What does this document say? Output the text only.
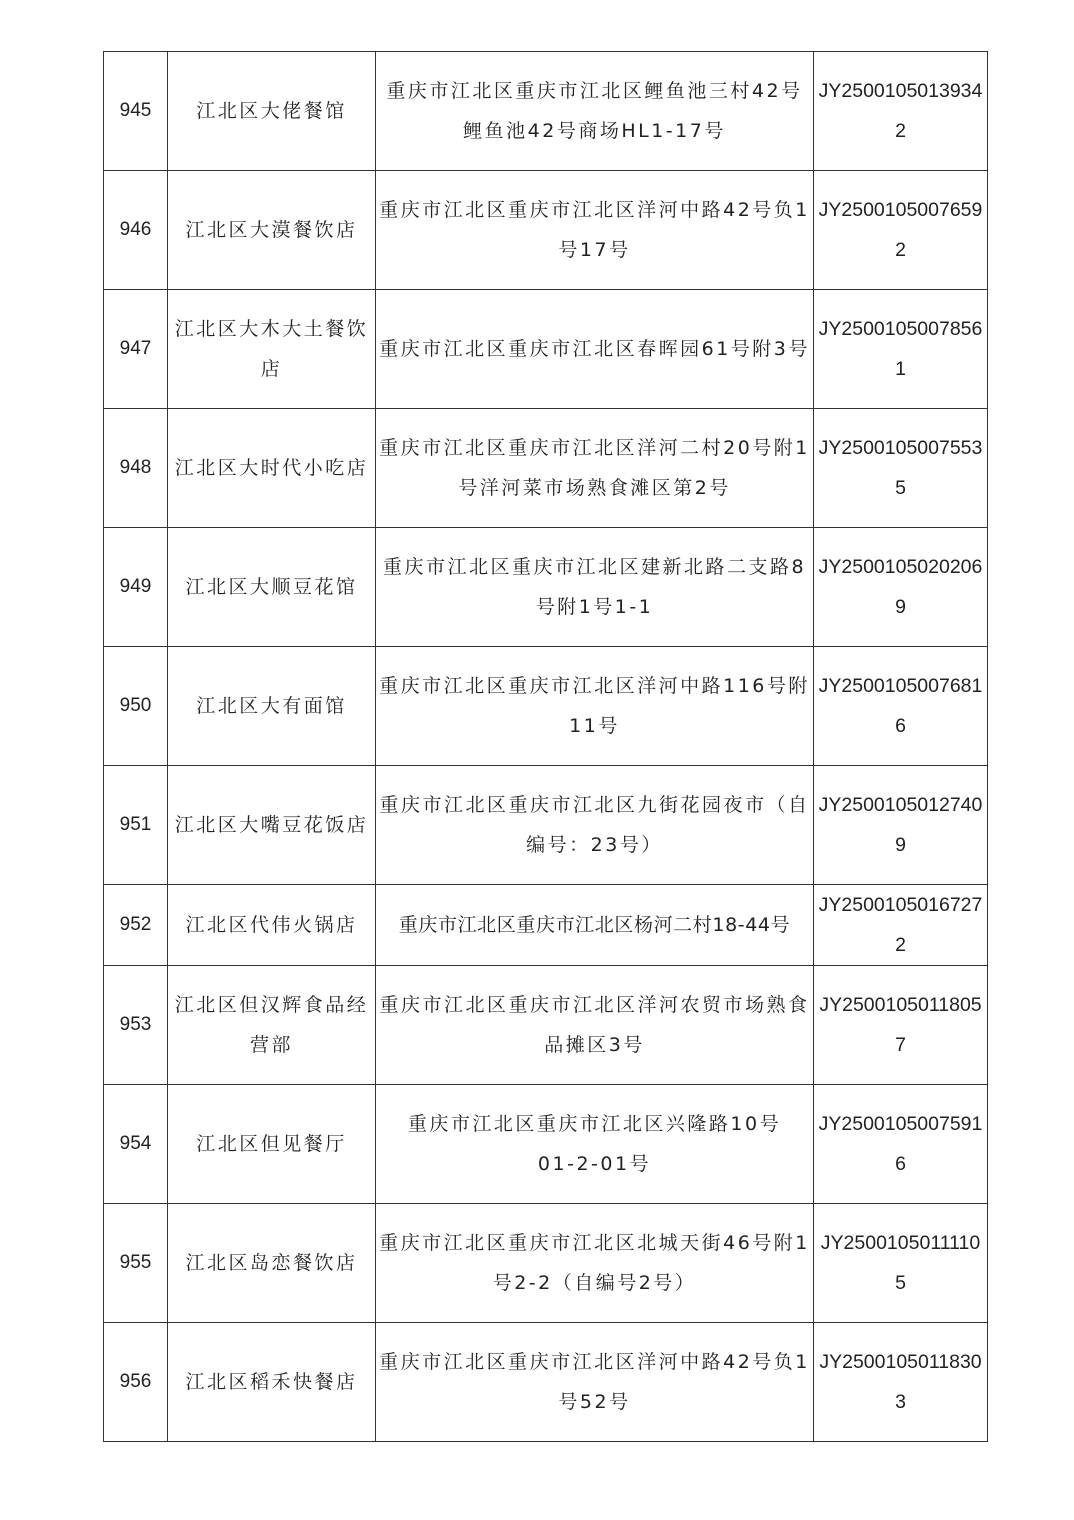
945	江北区大佬餐馆	重庆市江北区重庆市江北区鲤鱼池三村42号鲤鱼池42号商场HL1-17号	JY25001050139342
946	江北区大漠餐饮店	重庆市江北区重庆市江北区洋河中路42号负1号17号	JY25001050076592
947	江北区大木大土餐饮店	重庆市江北区重庆市江北区春晖园61号附3号	JY25001050078561
948	江北区大时代小吃店	重庆市江北区重庆市江北区洋河二村20号附1号洋河菜市场熟食滩区第2号	JY25001050075535
949	江北区大顺豆花馆	重庆市江北区重庆市江北区建新北路二支路8号附1号1-1	JY25001050202069
950	江北区大有面馆	重庆市江北区重庆市江北区洋河中路116号附11号	JY25001050076816
951	江北区大嘴豆花饭店	重庆市江北区重庆市江北区九街花园夜市（自编号：23号）	JY25001050127409
952	江北区代伟火锅店	重庆市江北区重庆市江北区杨河二村18-44号	JY25001050167272
953	江北区但汉辉食品经营部	重庆市江北区重庆市江北区洋河农贸市场熟食品摊区3号	JY25001050118057
954	江北区但见餐厅	重庆市江北区重庆市江北区兴隆路10号01-2-01号	JY25001050075916
955	江北区岛恋餐饮店	重庆市江北区重庆市江北区北城天街46号附1号2-2（自编号2号）	JY25001050111105
956	江北区稻禾快餐店	重庆市江北区重庆市江北区洋河中路42号负1号52号	JY25001050118303
